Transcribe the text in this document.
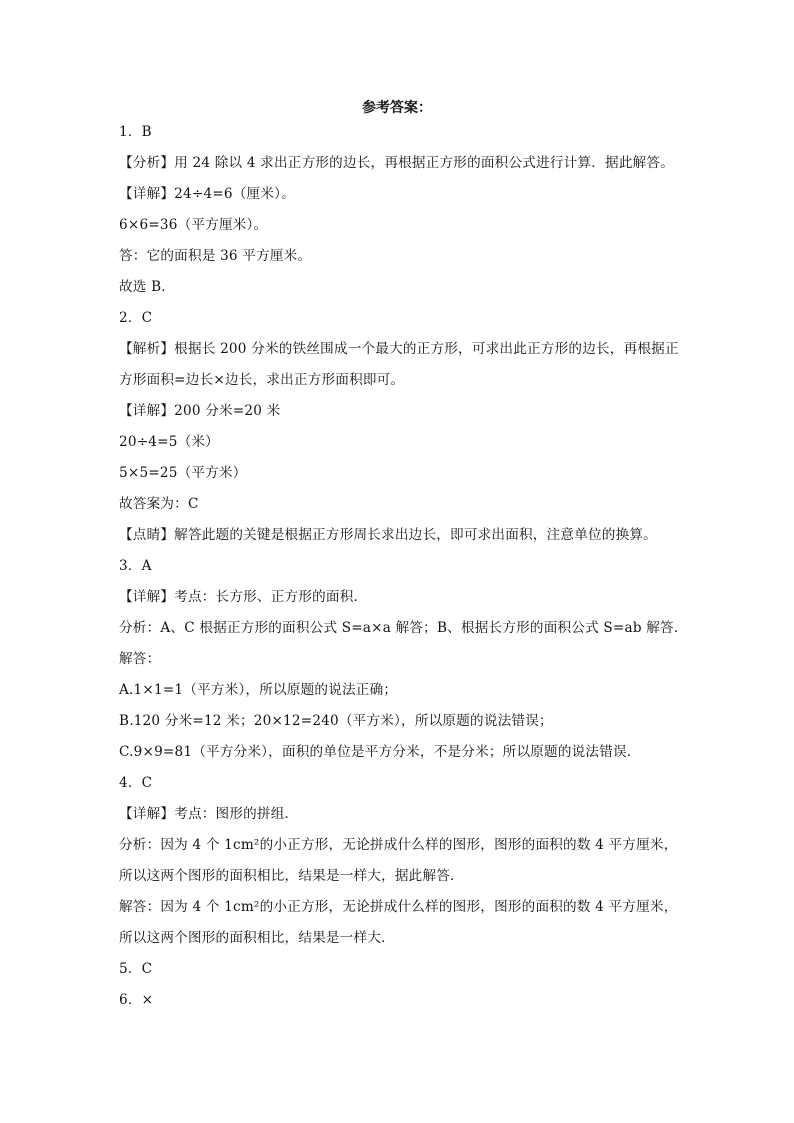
参考答案：
1．B
【分析】用 24 除以 4 求出正方形的边长，再根据正方形的面积公式进行计算．据此解答。
【详解】24÷4=6（厘米）。
6×6=36（平方厘米）。
答：它的面积是 36 平方厘米。
故选 B．
2．C
【解析】根据长 200 分米的铁丝围成一个最大的正方形，可求出此正方形的边长，再根据正
方形面积=边长×边长，求出正方形面积即可。
【详解】200 分米=20 米
20÷4=5（米）
5×5=25（平方米）
故答案为：C
【点睛】解答此题的关键是根据正方形周长求出边长，即可求出面积，注意单位的换算。
3．A
【详解】考点：长方形、正方形的面积．
分析：A、C 根据正方形的面积公式 S=a×a 解答；B、根据长方形的面积公式 S=ab 解答．
解答：
A.1×1=1（平方米），所以原题的说法正确；
B.120 分米=12 米；20×12=240（平方米），所以原题的说法错误；
C.9×9=81（平方分米），面积的单位是平方分米，不是分米；所以原题的说法错误．
4．C
【详解】考点：图形的拼组．
分析：因为 4 个 1cm²的小正方形，无论拼成什么样的图形，图形的面积的数 4 平方厘米，
所以这两个图形的面积相比，结果是一样大，据此解答．
解答：因为 4 个 1cm²的小正方形，无论拼成什么样的图形，图形的面积的数 4 平方厘米，
所以这两个图形的面积相比，结果是一样大．
5．C
6．×
